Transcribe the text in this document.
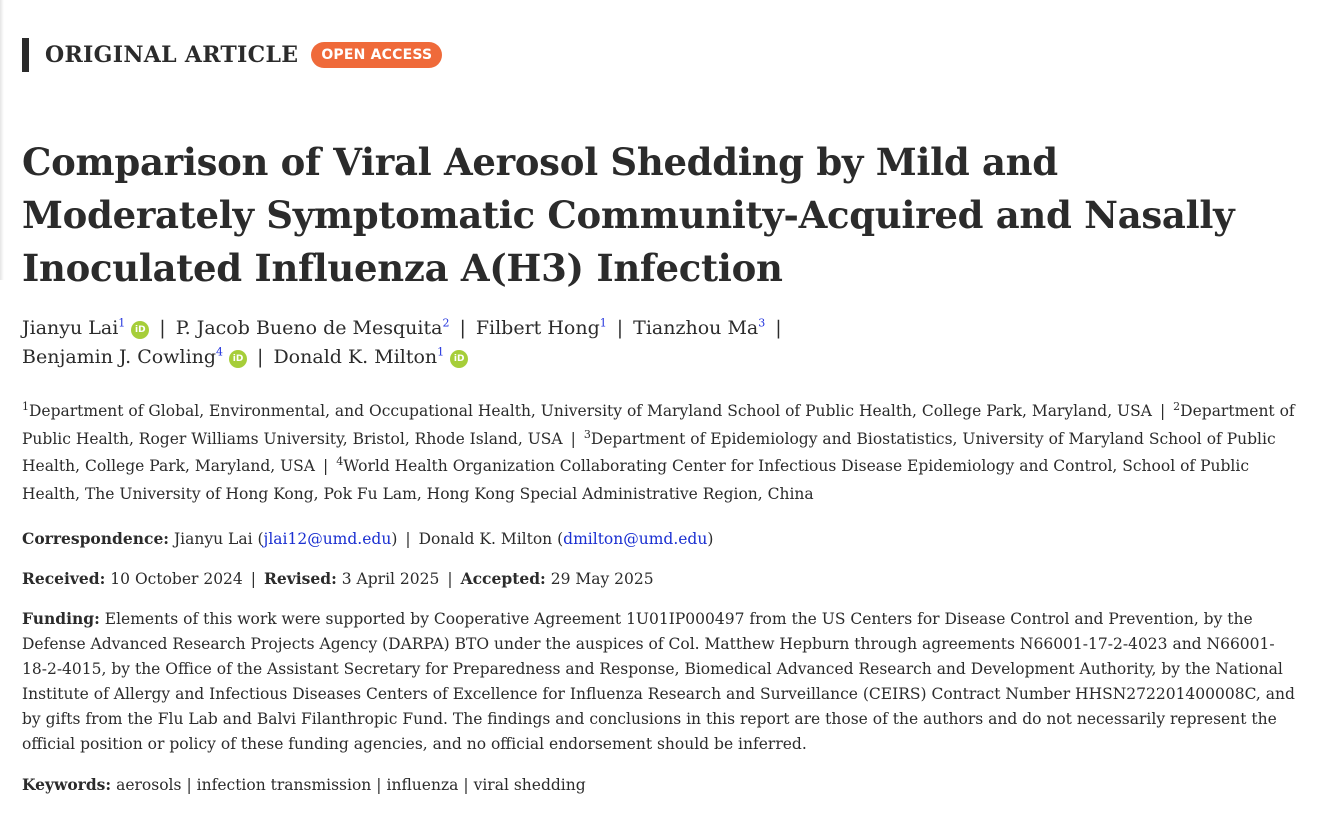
ORIGINAL ARTICLE	OPEN ACCESS
Comparison of Viral Aerosol Shedding by Mild and Moderately Symptomatic Community-Acquired and Nasally Inoculated Influenza A(H3) Infection
Jianyu Lai$^1$iD | P. Jacob Bueno de Mesquita$^2$ | Filbert Hong$^1$ | Tianzhou Ma$^3$ |
Benjamin J. Cowling$^4$iD | Donald K. Milton$^1$iD
$^1$Department of Global, Environmental, and Occupational Health, University of Maryland School of Public Health, College Park, Maryland, USA | $^2$Department of Public Health, Roger Williams University, Bristol, Rhode Island, USA | $^3$Department of Epidemiology and Biostatistics, University of Maryland School of Public Health, College Park, Maryland, USA | $^4$World Health Organization Collaborating Center for Infectious Disease Epidemiology and Control, School of Public Health, The University of Hong Kong, Pok Fu Lam, Hong Kong Special Administrative Region, China
Correspondence: Jianyu Lai (jlai12@umd.edu) | Donald K. Milton (dmilton@umd.edu)
Received: 10 October 2024 | Revised: 3 April 2025 | Accepted: 29 May 2025
Funding: Elements of this work were supported by Cooperative Agreement 1U01IP000497 from the US Centers for Disease Control and Prevention, by the Defense Advanced Research Projects Agency (DARPA) BTO under the auspices of Col. Matthew Hepburn through agreements N66001-17-2-4023 and N66001-18-2-4015, by the Office of the Assistant Secretary for Preparedness and Response, Biomedical Advanced Research and Development Authority, by the National Institute of Allergy and Infectious Diseases Centers of Excellence for Influenza Research and Surveillance (CEIRS) Contract Number HHSN272201400008C, and by gifts from the Flu Lab and Balvi Filanthropic Fund. The findings and conclusions in this report are those of the authors and do not necessarily represent the official position or policy of these funding agencies, and no official endorsement should be inferred.
Keywords: aerosols | infection transmission | influenza | viral shedding
